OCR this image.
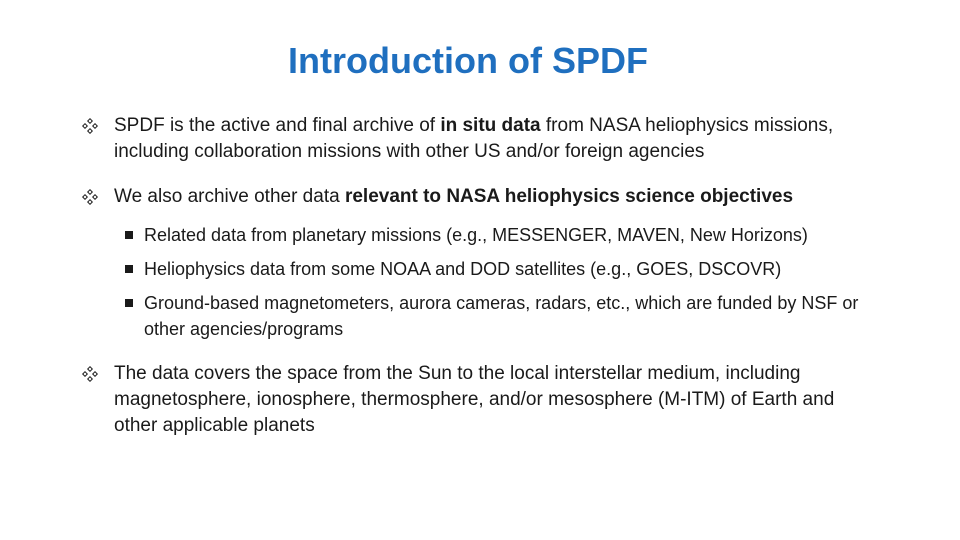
Introduction of SPDF
SPDF is the active and final archive of in situ data from NASA heliophysics missions, including collaboration missions with other US and/or foreign agencies
We also archive other data relevant to NASA heliophysics science objectives
Related data from planetary missions (e.g., MESSENGER, MAVEN, New Horizons)
Heliophysics data from some NOAA and DOD satellites (e.g., GOES, DSCOVR)
Ground-based magnetometers, aurora cameras, radars, etc., which are funded by NSF or other agencies/programs
The data covers the space from the Sun to the local interstellar medium, including magnetosphere, ionosphere, thermosphere, and/or mesosphere (M-ITM) of Earth and other applicable planets
